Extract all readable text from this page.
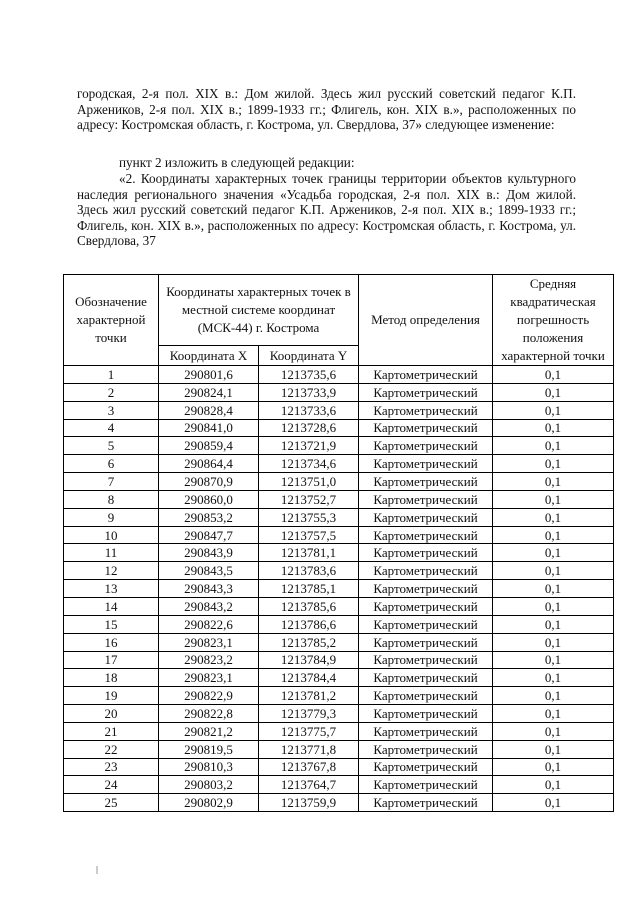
городская, 2-я пол. XIX в.: Дом жилой. Здесь жил русский советский педагог К.П. Аржеников, 2-я пол. XIX в.; 1899-1933 гг.; Флигель, кон. XIX в.», расположенных по адресу: Костромская область, г. Кострома, ул. Свердлова, 37» следующее изменение:
пункт 2 изложить в следующей редакции:
«2. Координаты характерных точек границы территории объектов культурного наследия регионального значения «Усадьба городская, 2-я пол. XIX в.: Дом жилой. Здесь жил русский советский педагог К.П. Аржеников, 2-я пол. XIX в.; 1899-1933 гг.; Флигель, кон. XIX в.», расположенных по адресу: Костромская область, г. Кострома, ул. Свердлова, 37
Обозначение характерной точки	Координаты характерных точек в местной системе координат (МСК-44) г. Кострома		Метод определения	Средняя квадратическая погрешность положения характерной точки
	Координата X	Координата Y		
1	290801,6	1213735,6	Картометрический	0,1
2	290824,1	1213733,9	Картометрический	0,1
3	290828,4	1213733,6	Картометрический	0,1
4	290841,0	1213728,6	Картометрический	0,1
5	290859,4	1213721,9	Картометрический	0,1
6	290864,4	1213734,6	Картометрический	0,1
7	290870,9	1213751,0	Картометрический	0,1
8	290860,0	1213752,7	Картометрический	0,1
9	290853,2	1213755,3	Картометрический	0,1
10	290847,7	1213757,5	Картометрический	0,1
11	290843,9	1213781,1	Картометрический	0,1
12	290843,5	1213783,6	Картометрический	0,1
13	290843,3	1213785,1	Картометрический	0,1
14	290843,2	1213785,6	Картометрический	0,1
15	290822,6	1213786,6	Картометрический	0,1
16	290823,1	1213785,2	Картометрический	0,1
17	290823,2	1213784,9	Картометрический	0,1
18	290823,1	1213784,4	Картометрический	0,1
19	290822,9	1213781,2	Картометрический	0,1
20	290822,8	1213779,3	Картометрический	0,1
21	290821,2	1213775,7	Картометрический	0,1
22	290819,5	1213771,8	Картометрический	0,1
23	290810,3	1213767,8	Картометрический	0,1
24	290803,2	1213764,7	Картометрический	0,1
25	290802,9	1213759,9	Картометрический	0,1
